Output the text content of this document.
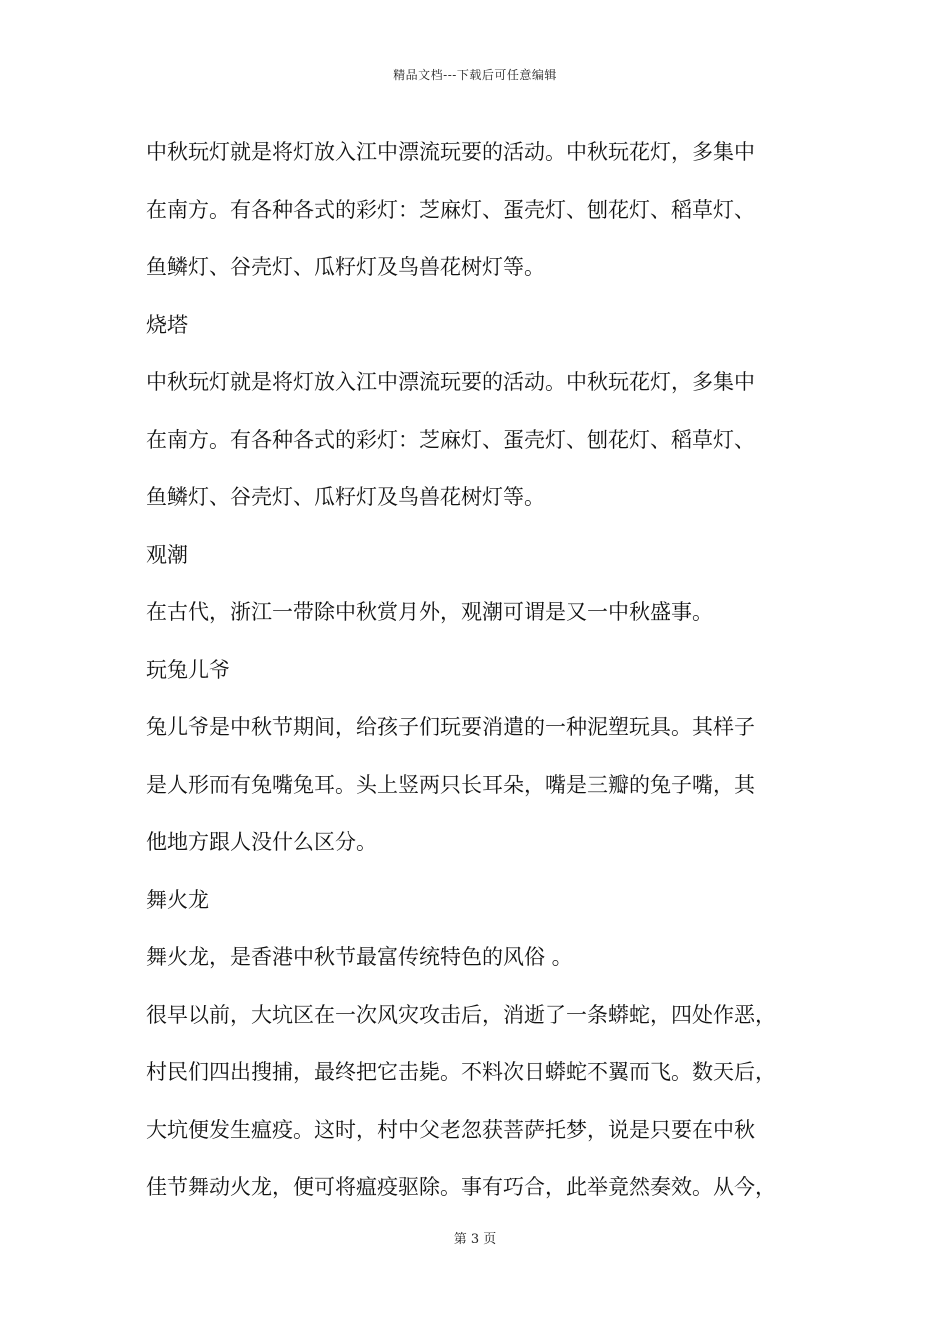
精品文档---下载后可任意编辑
中秋玩灯就是将灯放入江中漂流玩要的活动。中秋玩花灯，多集中
在南方。有各种各式的彩灯：芝麻灯、蛋壳灯、刨花灯、稻草灯、
鱼鳞灯、谷壳灯、瓜籽灯及鸟兽花树灯等。
烧塔
中秋玩灯就是将灯放入江中漂流玩要的活动。中秋玩花灯，多集中
在南方。有各种各式的彩灯：芝麻灯、蛋壳灯、刨花灯、稻草灯、
鱼鳞灯、谷壳灯、瓜籽灯及鸟兽花树灯等。
观潮
在古代，浙江一带除中秋赏月外，观潮可谓是又一中秋盛事。
玩兔儿爷
兔儿爷是中秋节期间，给孩子们玩要消遣的一种泥塑玩具。其样子
是人形而有兔嘴兔耳。头上竖两只长耳朵，嘴是三瓣的兔子嘴，其
他地方跟人没什么区分。
舞火龙
舞火龙，是香港中秋节最富传统特色的风俗 。
很早以前，大坑区在一次风灾攻击后，消逝了一条蟒蛇，四处作恶，
村民们四出搜捕，最终把它击毙。不料次日蟒蛇不翼而飞。数天后，
大坑便发生瘟疫。这时，村中父老忽获菩萨托梦，说是只要在中秋
佳节舞动火龙，便可将瘟疫驱除。事有巧合，此举竟然奏效。从今，
第 3 页
